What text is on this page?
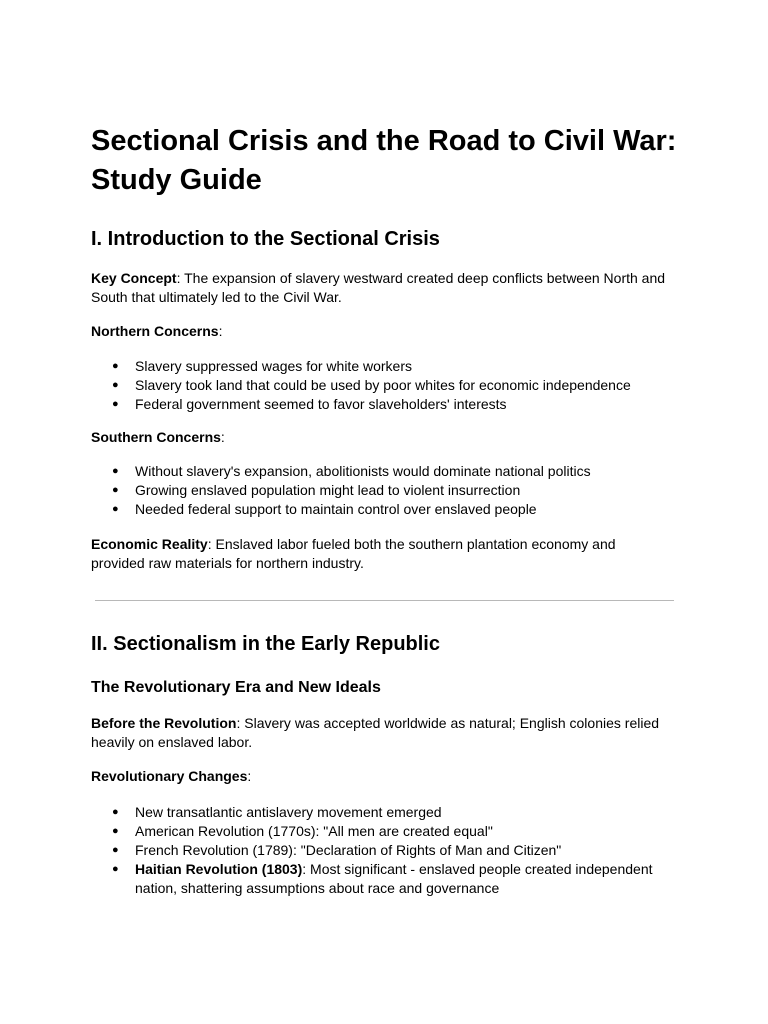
Sectional Crisis and the Road to Civil War: Study Guide
I. Introduction to the Sectional Crisis

Key Concept: The expansion of slavery westward created deep conflicts between North and South that ultimately led to the Civil War.

Northern Concerns:

● Slavery suppressed wages for white workers
● Slavery took land that could be used by poor whites for economic independence
● Federal government seemed to favor slaveholders' interests

Southern Concerns:

● Without slavery's expansion, abolitionists would dominate national politics
● Growing enslaved population might lead to violent insurrection
● Needed federal support to maintain control over enslaved people

Economic Reality: Enslaved labor fueled both the southern plantation economy and provided raw materials for northern industry.

II. Sectionalism in the Early Republic
The Revolutionary Era and New Ideals

Before the Revolution: Slavery was accepted worldwide as natural; English colonies relied heavily on enslaved labor.

Revolutionary Changes:

● New transatlantic antislavery movement emerged
● American Revolution (1770s): "All men are created equal"
● French Revolution (1789): "Declaration of Rights of Man and Citizen"
● Haitian Revolution (1803): Most significant - enslaved people created independent nation, shattering assumptions about race and governance
